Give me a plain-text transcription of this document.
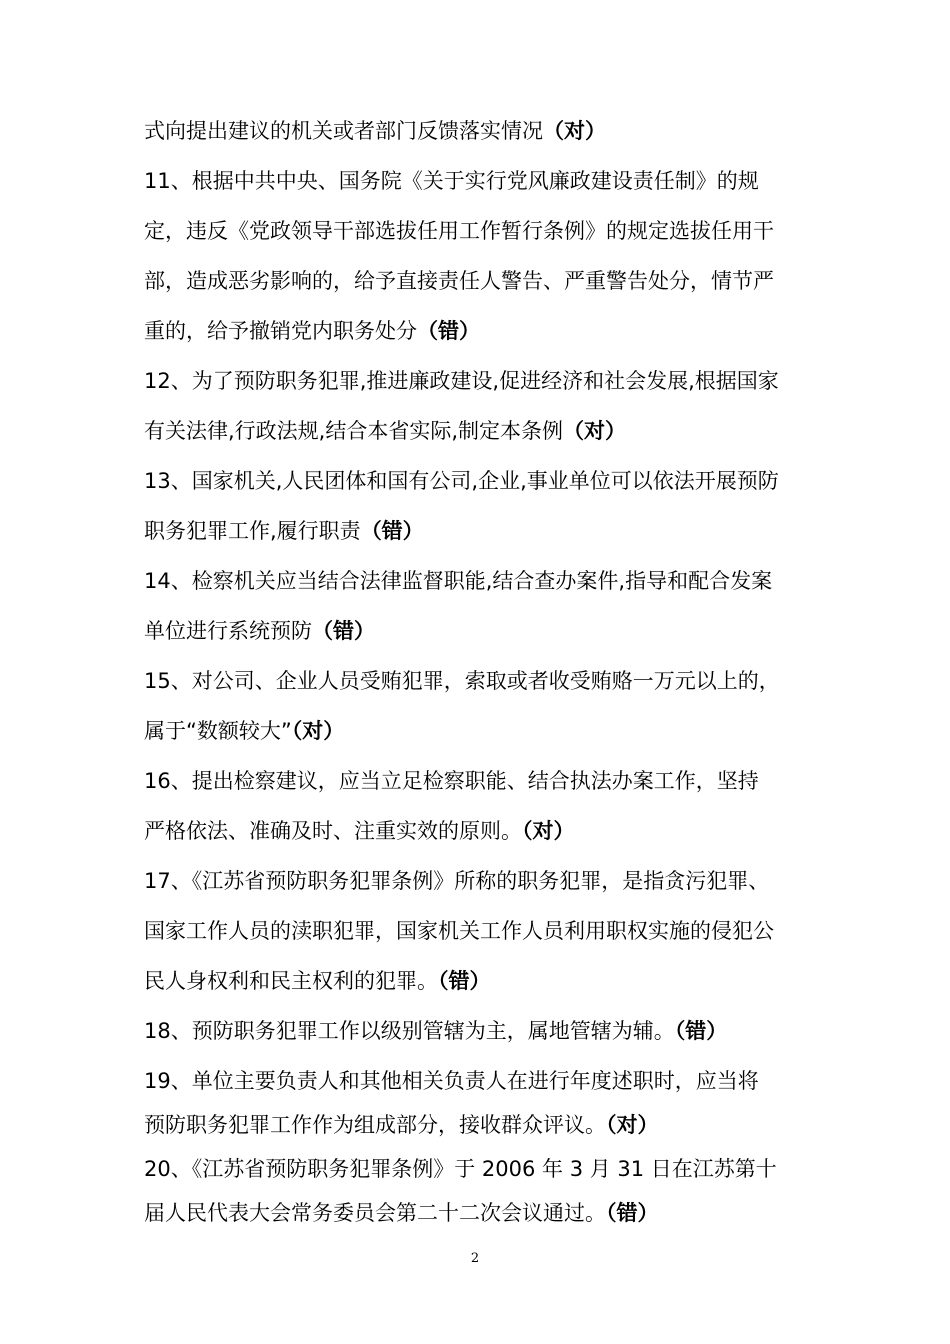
式向提出建议的机关或者部门反馈落实情况（对）
11、根据中共中央、国务院《关于实行党风廉政建设责任制》的规
定，违反《党政领导干部选拔任用工作暂行条例》的规定选拔任用干
部，造成恶劣影响的，给予直接责任人警告、严重警告处分，情节严
重的，给予撤销党内职务处分（错）
12、为了预防职务犯罪,推进廉政建设,促进经济和社会发展,根据国家
有关法律,行政法规,结合本省实际,制定本条例（对）
13、国家机关,人民团体和国有公司,企业,事业单位可以依法开展预防
职务犯罪工作,履行职责（错）
14、检察机关应当结合法律监督职能,结合查办案件,指导和配合发案
单位进行系统预防（错）
15、对公司、企业人员受贿犯罪，索取或者收受贿赂一万元以上的，
属于“数额较大”（对）
16、提出检察建议，应当立足检察职能、结合执法办案工作，坚持
严格依法、准确及时、注重实效的原则。（对）
17、《江苏省预防职务犯罪条例》所称的职务犯罪，是指贪污犯罪、
国家工作人员的渎职犯罪，国家机关工作人员利用职权实施的侵犯公
民人身权利和民主权利的犯罪。（错）
18、预防职务犯罪工作以级别管辖为主，属地管辖为辅。（错）
19、单位主要负责人和其他相关负责人在进行年度述职时，应当将
预防职务犯罪工作作为组成部分，接收群众评议。（对）
20、《江苏省预防职务犯罪条例》于 2006 年 3 月 31 日在江苏第十
届人民代表大会常务委员会第二十二次会议通过。（错）
2
